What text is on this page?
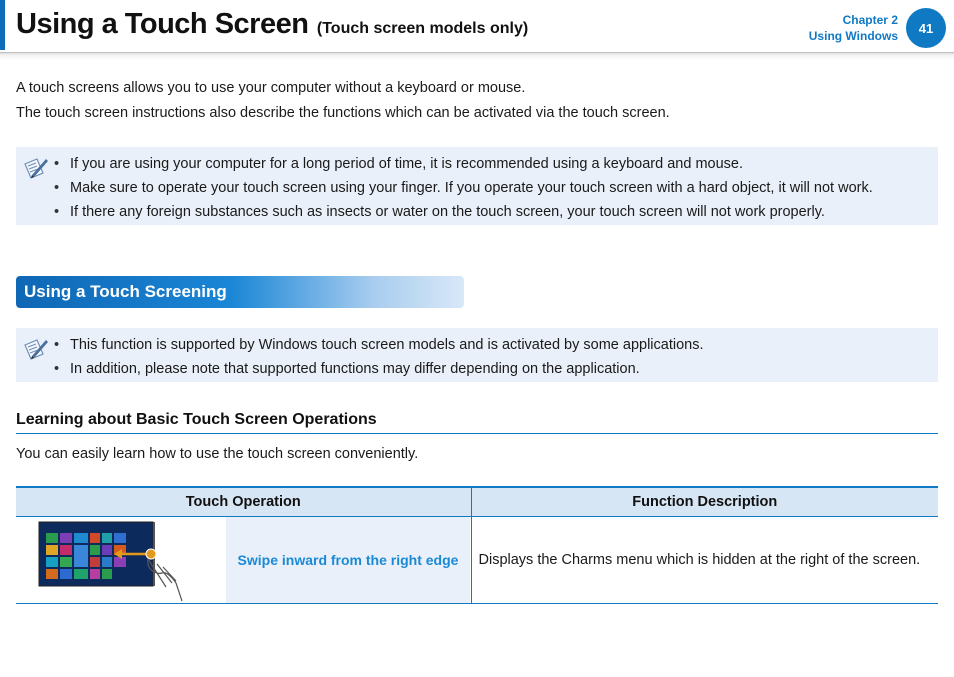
Using a Touch Screen (Touch screen models only)	Chapter 2
Using Windows
41
A touch screens allows you to use your computer without a keyboard or mouse.
The touch screen instructions also describe the functions which can be activated via the touch screen.
• If you are using your computer for a long period of time, it is recommended using a keyboard and mouse.
• Make sure to operate your touch screen using your finger. If you operate your touch screen with a hard object, it will not work.
• If there any foreign substances such as insects or water on the touch screen, your touch screen will not work properly.
Using a Touch Screening
• This function is supported by Windows touch screen models and is activated by some applications.
• In addition, please note that supported functions may differ depending on the application.
Learning about Basic Touch Screen Operations
You can easily learn how to use the touch screen conveniently.
Touch Operation	Function Description

Swipe inward from the right edge	Displays the Charms menu which is hidden at the right of the screen.
